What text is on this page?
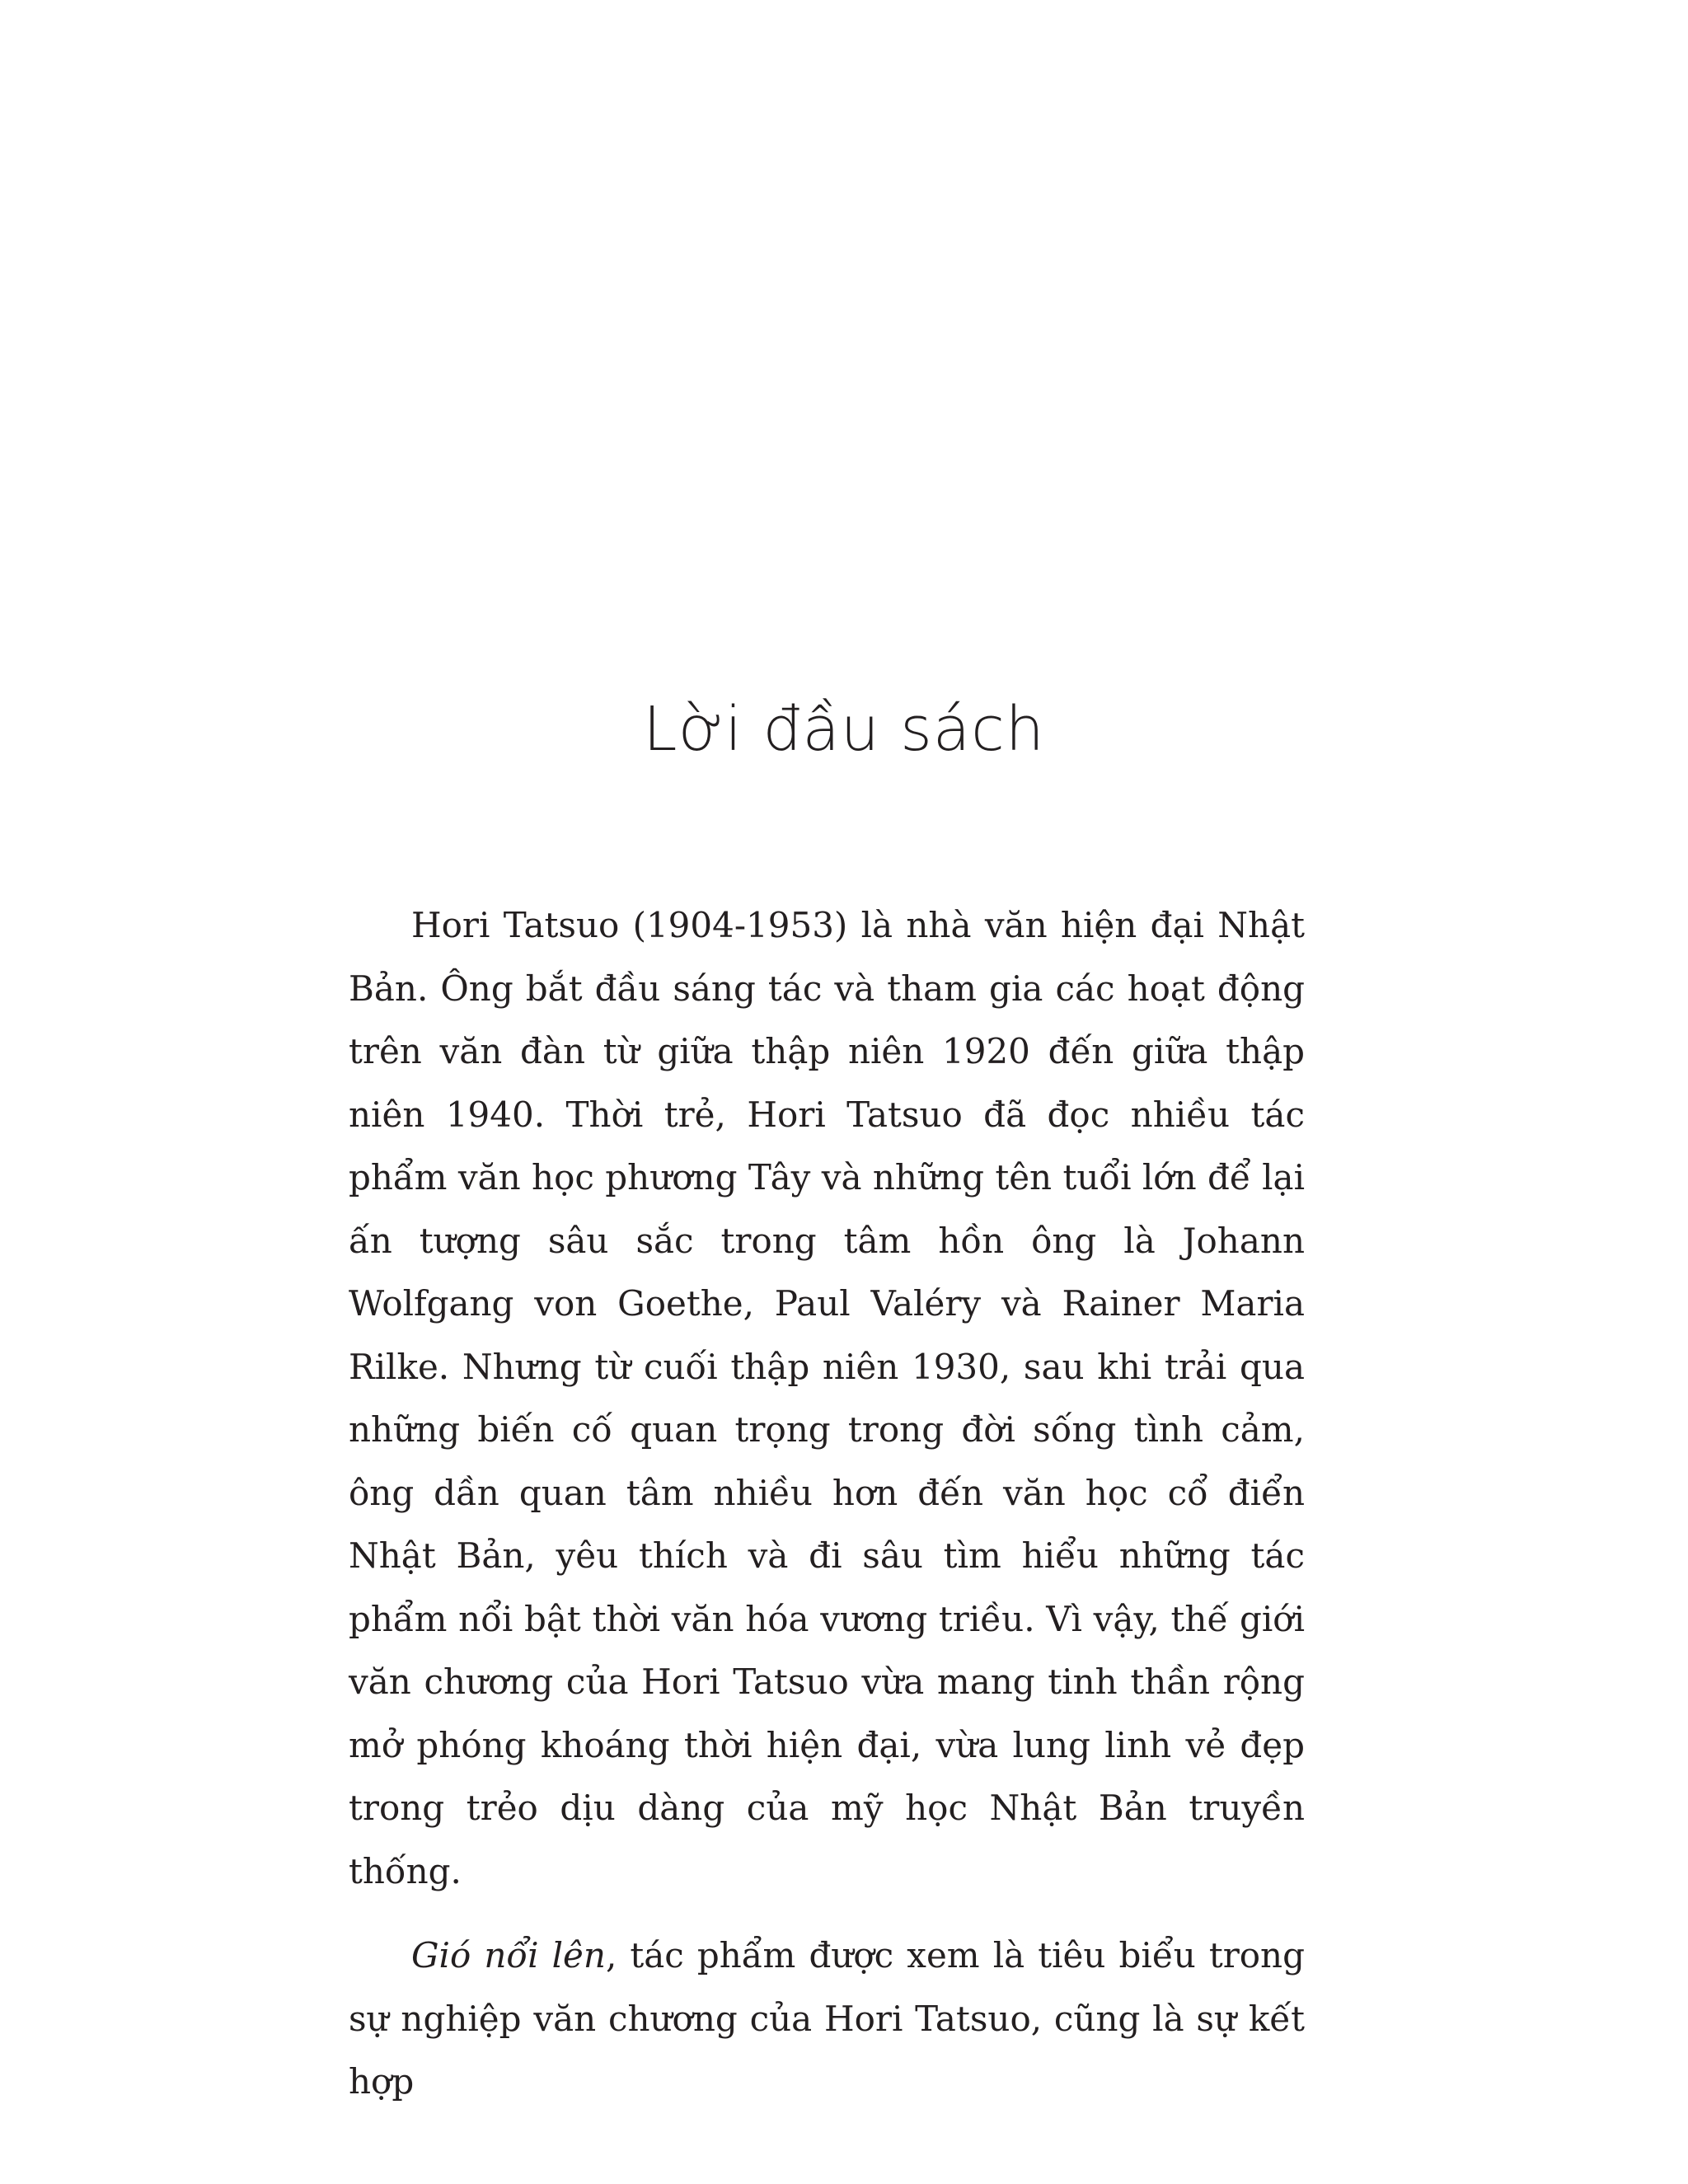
Lời đầu sách

Hori Tatsuo (1904-1953) là nhà văn hiện đại Nhật Bản. Ông bắt đầu sáng tác và tham gia các hoạt động trên văn đàn từ giữa thập niên 1920 đến giữa thập niên 1940. Thời trẻ, Hori Tatsuo đã đọc nhiều tác phẩm văn học phương Tây và những tên tuổi lớn để lại ấn tượng sâu sắc trong tâm hồn ông là Johann Wolfgang von Goethe, Paul Valéry và Rainer Maria Rilke. Nhưng từ cuối thập niên 1930, sau khi trải qua những biến cố quan trọng trong đời sống tình cảm, ông dần quan tâm nhiều hơn đến văn học cổ điển Nhật Bản, yêu thích và đi sâu tìm hiểu những tác phẩm nổi bật thời văn hóa vương triều. Vì vậy, thế giới văn chương của Hori Tatsuo vừa mang tinh thần rộng mở phóng khoáng thời hiện đại, vừa lung linh vẻ đẹp trong trẻo dịu dàng của mỹ học Nhật Bản truyền thống.

Gió nổi lên, tác phẩm được xem là tiêu biểu trong sự nghiệp văn chương của Hori Tatsuo, cũng là sự kết hợp
